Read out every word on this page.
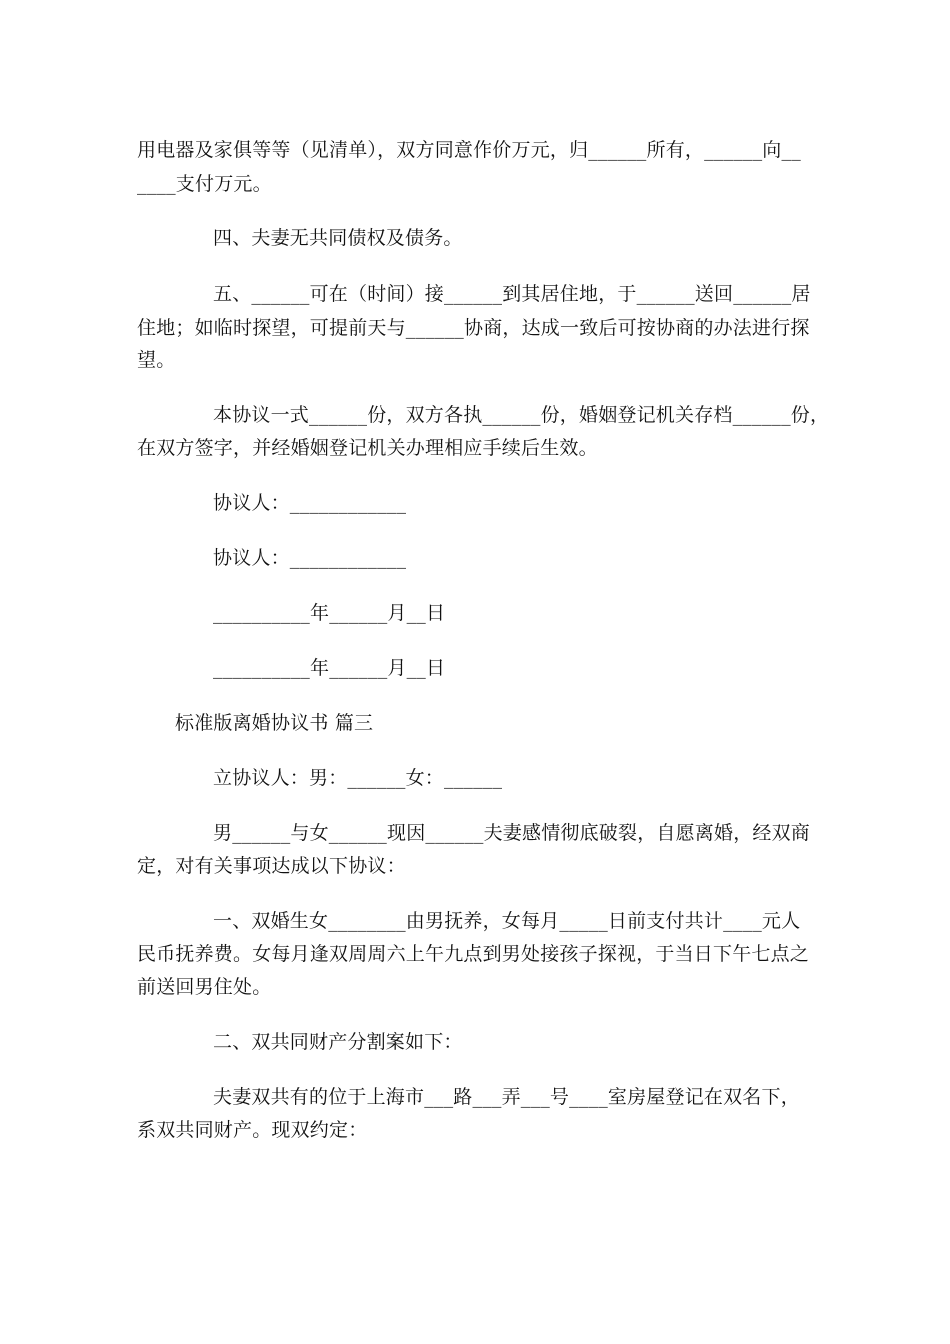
用电器及家俱等等（见清单），双方同意作价万元，归______所有，______向__
____支付万元。
四、夫妻无共同债权及债务。
五、______可在（时间）接______到其居住地，于______送回______居
住地；如临时探望，可提前天与______协商，达成一致后可按协商的办法进行探
望。
本协议一式______份，双方各执______份，婚姻登记机关存档______份，
在双方签字，并经婚姻登记机关办理相应手续后生效。
协议人：____________
协议人：____________
__________年______月__日
__________年______月__日
标准版离婚协议书 篇三
立协议人：男：______女：______
男______与女______现因______夫妻感情彻底破裂，自愿离婚，经双商
定，对有关事项达成以下协议：
一、双婚生女________由男抚养，女每月_____日前支付共计____元人
民币抚养费。女每月逢双周周六上午九点到男处接孩子探视，于当日下午七点之
前送回男住处。
二、双共同财产分割案如下：
夫妻双共有的位于上海市___路___弄___号____室房屋登记在双名下，
系双共同财产。现双约定：
